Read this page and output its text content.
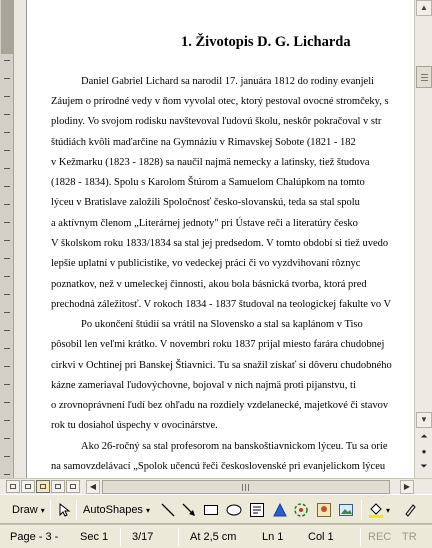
1. Životopis D. G. Licharda
Daniel Gabriel Lichard sa narodil 17. januára 1812 do rodiny evanjeli
Záujem o prírodné vedy v ňom vyvolal otec, ktorý pestoval ovocné stromčeky, s
plodiny. Vo svojom rodisku navštevoval ľudovú školu, neskôr pokračoval v str
štúdiách kvôli maďarčine na Gymnáziu v Rimavskej Sobote (1821 - 182
v Kežmarku (1823 - 1828) sa naučil najmä nemecky a latinsky, tiež študova
(1828 - 1834). Spolu s Karolom Štúrom a Samuelom Chalúpkom na tomto
lýceu v Bratislave založili Spoločnosť česko-slovanskú, teda sa stal spolu
a aktívnym členom „Literárnej jednoty" pri Ústave reči a literatúry česko
V školskom roku 1833/1834 sa stal jej predsedom. V tomto období si tiež uvedo
lepšie uplatní v publicistike, vo vedeckej práci či vo vyzdvihovaní rôznyc
poznatkov, než v umeleckej činnosti, akou bola básnická tvorba, ktorá pred
prechodná záležitosť. V rokoch 1834 - 1837 študoval na teologickej fakulte vo V
Po ukončení štúdií sa vrátil na Slovensko a stal sa kaplánom v Tiso
pôsobil len veľmi krátko. V novembri roku 1837 prijal miesto farára chudobnej
cirkvi v Ochtinej pri Banskej Štiavnici. Tu sa snažil získať si dôveru chudobného
kázne zameriaval ľudovýchovne, bojoval v nich najmä proti pijanstvu, ti
o zrovnoprávnení ľudí bez ohľadu na rozdiely vzdelanecké, majetkové či stavov
rok tu dosiahol úspechy v ovocinárstve.
Ako 26-ročný sa stal profesorom na banskoštiavnickom lýceu. Tu sa orie
na samovzdelávací „Spolok učencú řeči československé pri evanjelickom lýceu
▲
▼
⏶
●
⏷
◀	▶
Draw ▾	AutoShapes ▾	▾
Page - 3 - Sec 1 3/17	At 2,5 cm Ln 1 Col 1	REC TR
